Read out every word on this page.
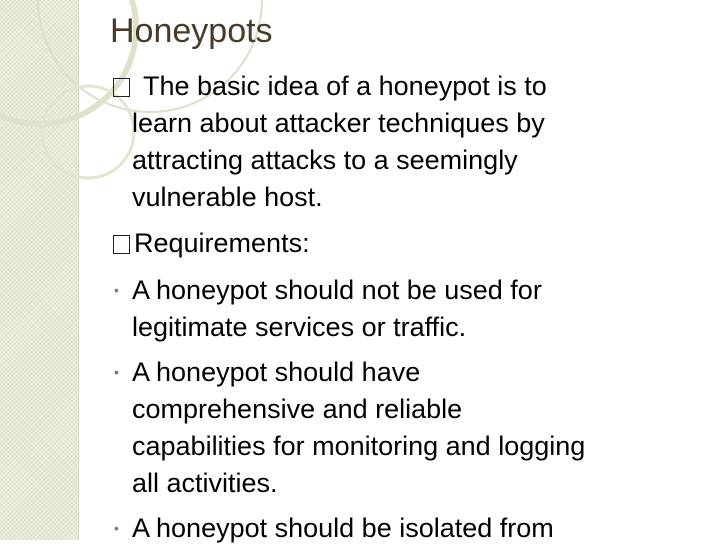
Honeypots

The basic idea of a honeypot is to

learn about attacker techniques by

attracting attacks to a seemingly

vulnerable host.

Requirements:

• A honeypot should not be used for

legitimate services or traffic.

• A honeypot should have

comprehensive and reliable

capabilities for monitoring and logging

all activities.

• A honeypot should be isolated from
